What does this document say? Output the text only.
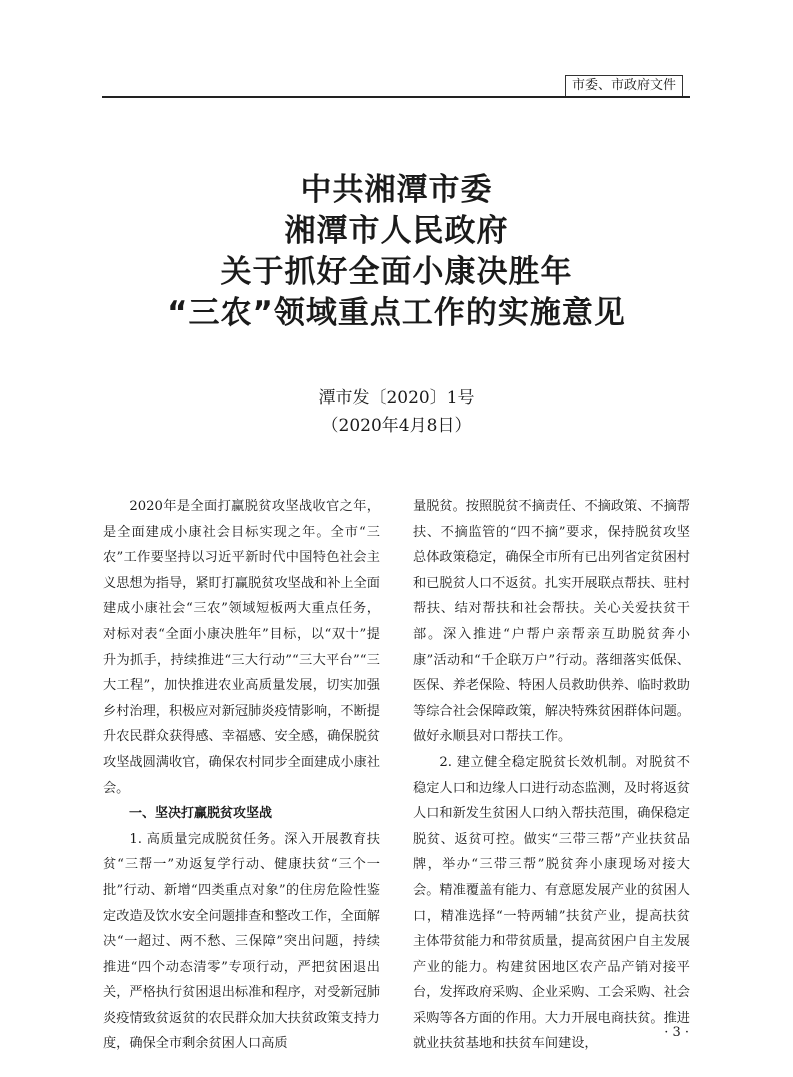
市委、市政府文件
中共湘潭市委
湘潭市人民政府
关于抓好全面小康决胜年
“三农”领域重点工作的实施意见
潭市发〔2020〕1号
（2020年4月8日）

2020年是全面打赢脱贫攻坚战收官之年，是全面建成小康社会目标实现之年。全市“三农”工作要坚持以习近平新时代中国特色社会主义思想为指导，紧盯打赢脱贫攻坚战和补上全面建成小康社会“三农”领域短板两大重点任务，对标对表“全面小康决胜年”目标，以“双十”提升为抓手，持续推进“三大行动”“三大平台”“三大工程”，加快推进农业高质量发展，切实加强乡村治理，积极应对新冠肺炎疫情影响，不断提升农民群众获得感、幸福感、安全感，确保脱贫攻坚战圆满收官，确保农村同步全面建成小康社会。

一、坚决打赢脱贫攻坚战

1. 高质量完成脱贫任务。深入开展教育扶贫“三帮一”劝返复学行动、健康扶贫“三个一批”行动、新增“四类重点对象”的住房危险性鉴定改造及饮水安全问题排查和整改工作，全面解决“一超过、两不愁、三保障”突出问题，持续推进“四个动态清零”专项行动，严把贫困退出关，严格执行贫困退出标准和程序，对受新冠肺炎疫情致贫返贫的农民群众加大扶贫政策支持力度，确保全市剩余贫困人口高质

量脱贫。按照脱贫不摘责任、不摘政策、不摘帮扶、不摘监管的“四不摘”要求，保持脱贫攻坚总体政策稳定，确保全市所有已出列省定贫困村和已脱贫人口不返贫。扎实开展联点帮扶、驻村帮扶、结对帮扶和社会帮扶。关心关爱扶贫干部。深入推进“户帮户亲帮亲互助脱贫奔小康”活动和“千企联万户”行动。落细落实低保、医保、养老保险、特困人员救助供养、临时救助等综合社会保障政策，解决特殊贫困群体问题。做好永顺县对口帮扶工作。

2. 建立健全稳定脱贫长效机制。对脱贫不稳定人口和边缘人口进行动态监测，及时将返贫人口和新发生贫困人口纳入帮扶范围，确保稳定脱贫、返贫可控。做实“三带三帮”产业扶贫品牌，举办“三带三帮”脱贫奔小康现场对接大会。精准覆盖有能力、有意愿发展产业的贫困人口，精准选择“一特两辅”扶贫产业，提高扶贫主体带贫能力和带贫质量，提高贫困户自主发展产业的能力。构建贫困地区农产品产销对接平台，发挥政府采购、企业采购、工会采购、社会采购等各方面的作用。大力开展电商扶贫。推进就业扶贫基地和扶贫车间建设，

· 3 ·
